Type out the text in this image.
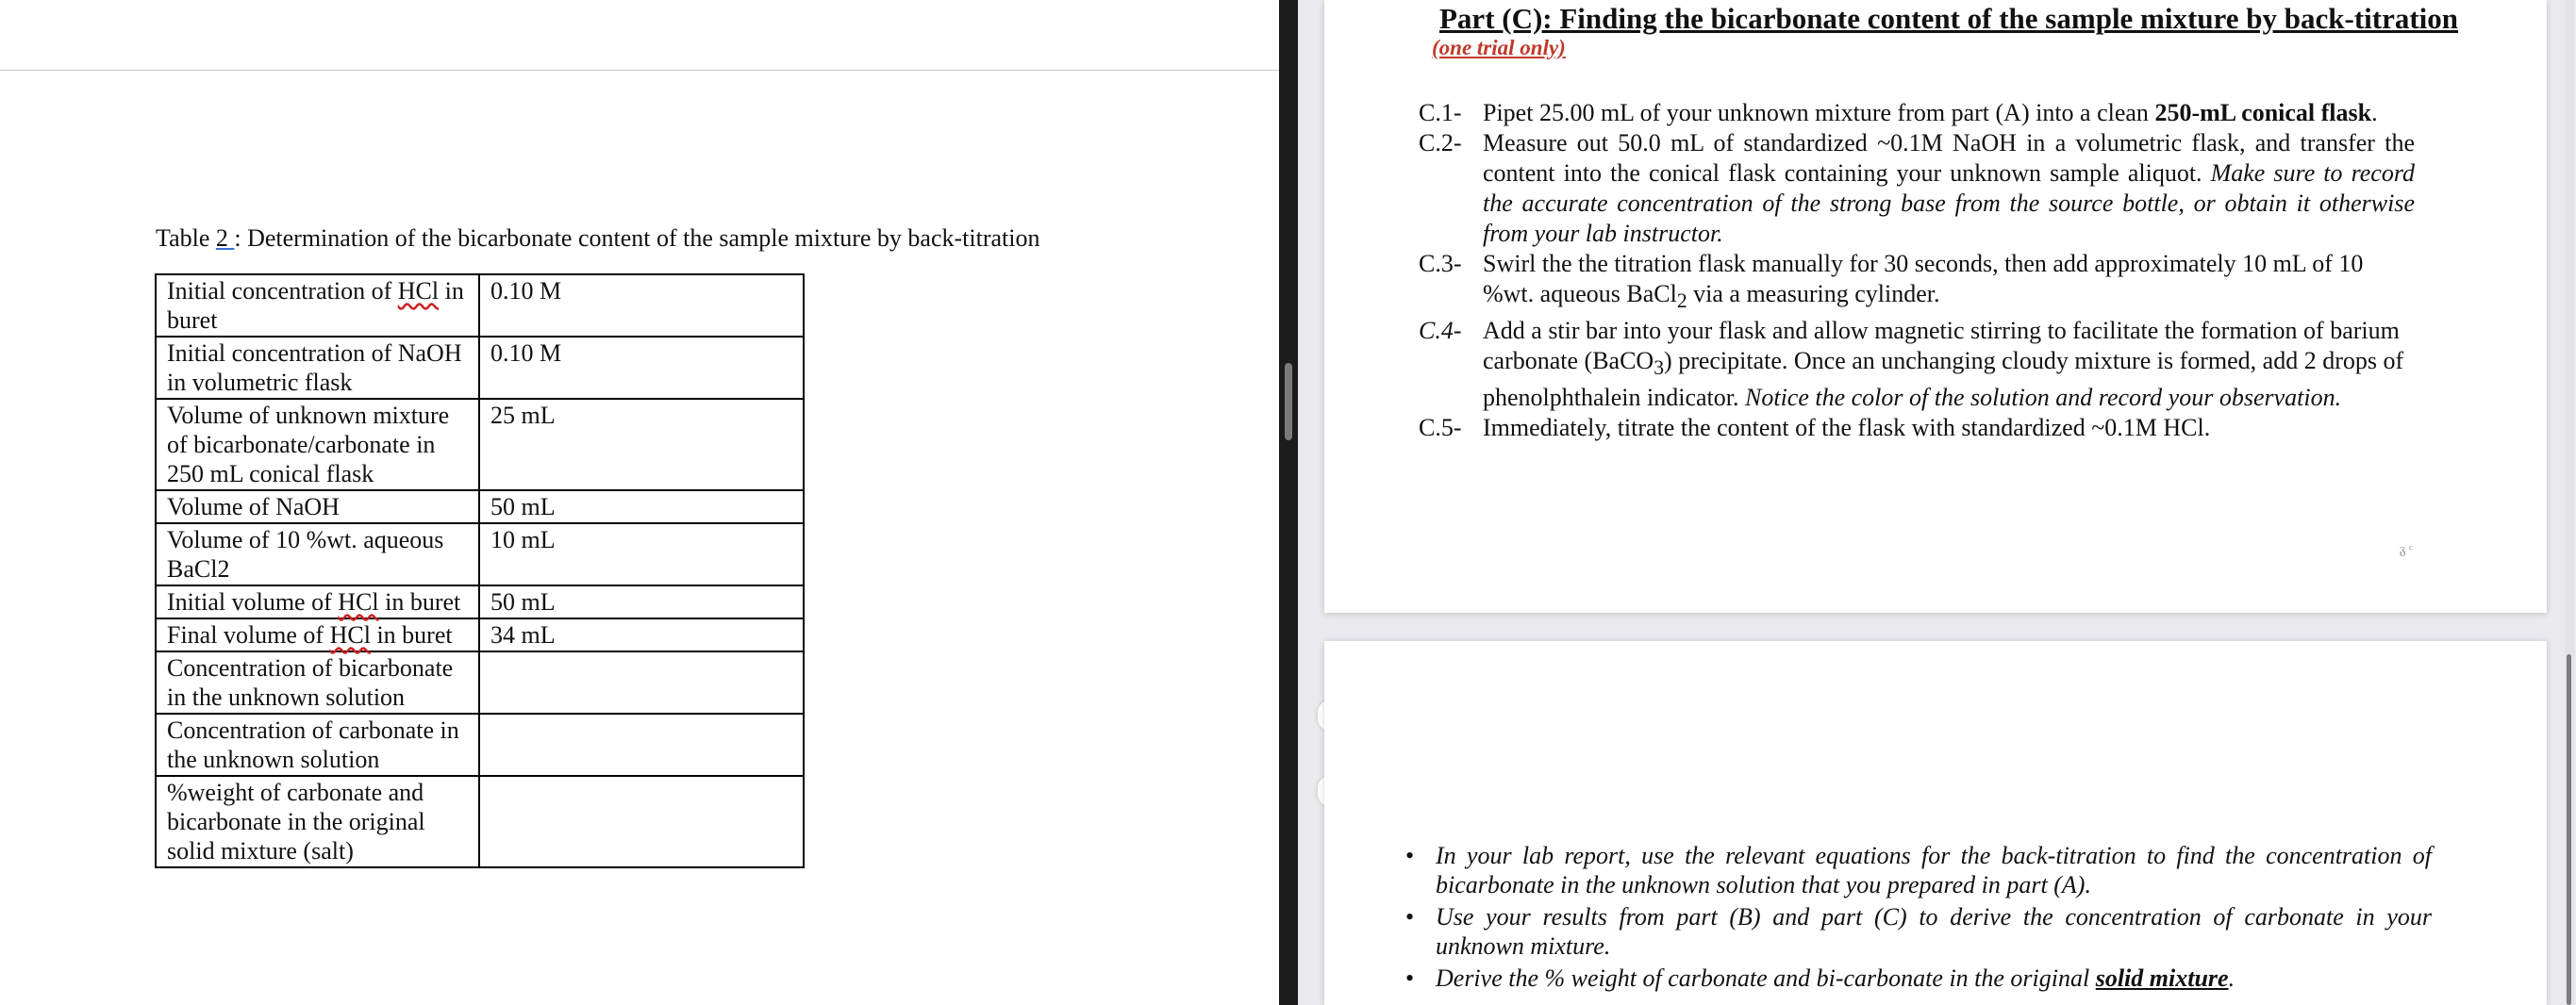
Table 2 : Determination of the bicarbonate content of the sample mixture by back-titration
Initial concentration of HCl in buret	0.10 M
Initial concentration of NaOH in volumetric flask	0.10 M
Volume of unknown mixture of bicarbonate/carbonate in 250 mL conical flask	25 mL
Volume of NaOH	50 mL
Volume of 10 %wt. aqueous BaCl2	10 mL
Initial volume of HCl in buret	50 mL
Final volume of HCl in buret	34 mL
Concentration of bicarbonate in the unknown solution	
Concentration of carbonate in the unknown solution	
%weight of carbonate and bicarbonate in the original solid mixture (salt)	
Part (C): Finding the bicarbonate content of the sample mixture by back-titration
(one trial only)
C.1- Pipet 25.00 mL of your unknown mixture from part (A) into a clean 250-mL conical flask.
C.2- Measure out 50.0 mL of standardized ~0.1M NaOH in a volumetric flask, and transfer the content into the conical flask containing your unknown sample aliquot. Make sure to record the accurate concentration of the strong base from the source bottle, or obtain it otherwise from your lab instructor.
C.3- Swirl the the titration flask manually for 30 seconds, then add approximately 10 mL of 10 %wt. aqueous BaCl$_2$ via a measuring cylinder.
C.4- Add a stir bar into your flask and allow magnetic stirring to facilitate the formation of barium carbonate (BaCO$_3$) precipitate. Once an unchanging cloudy mixture is formed, add 2 drops of phenolphthalein indicator. Notice the color of the solution and record your observation.
C.5- Immediately, titrate the content of the flask with standardized ~0.1M HCl.
ᵹ ᶜ
• In your lab report, use the relevant equations for the back-titration to find the concentration of bicarbonate in the unknown solution that you prepared in part (A).
• Use your results from part (B) and part (C) to derive the concentration of carbonate in your unknown mixture.
• Derive the % weight of carbonate and bi-carbonate in the original solid mixture.
